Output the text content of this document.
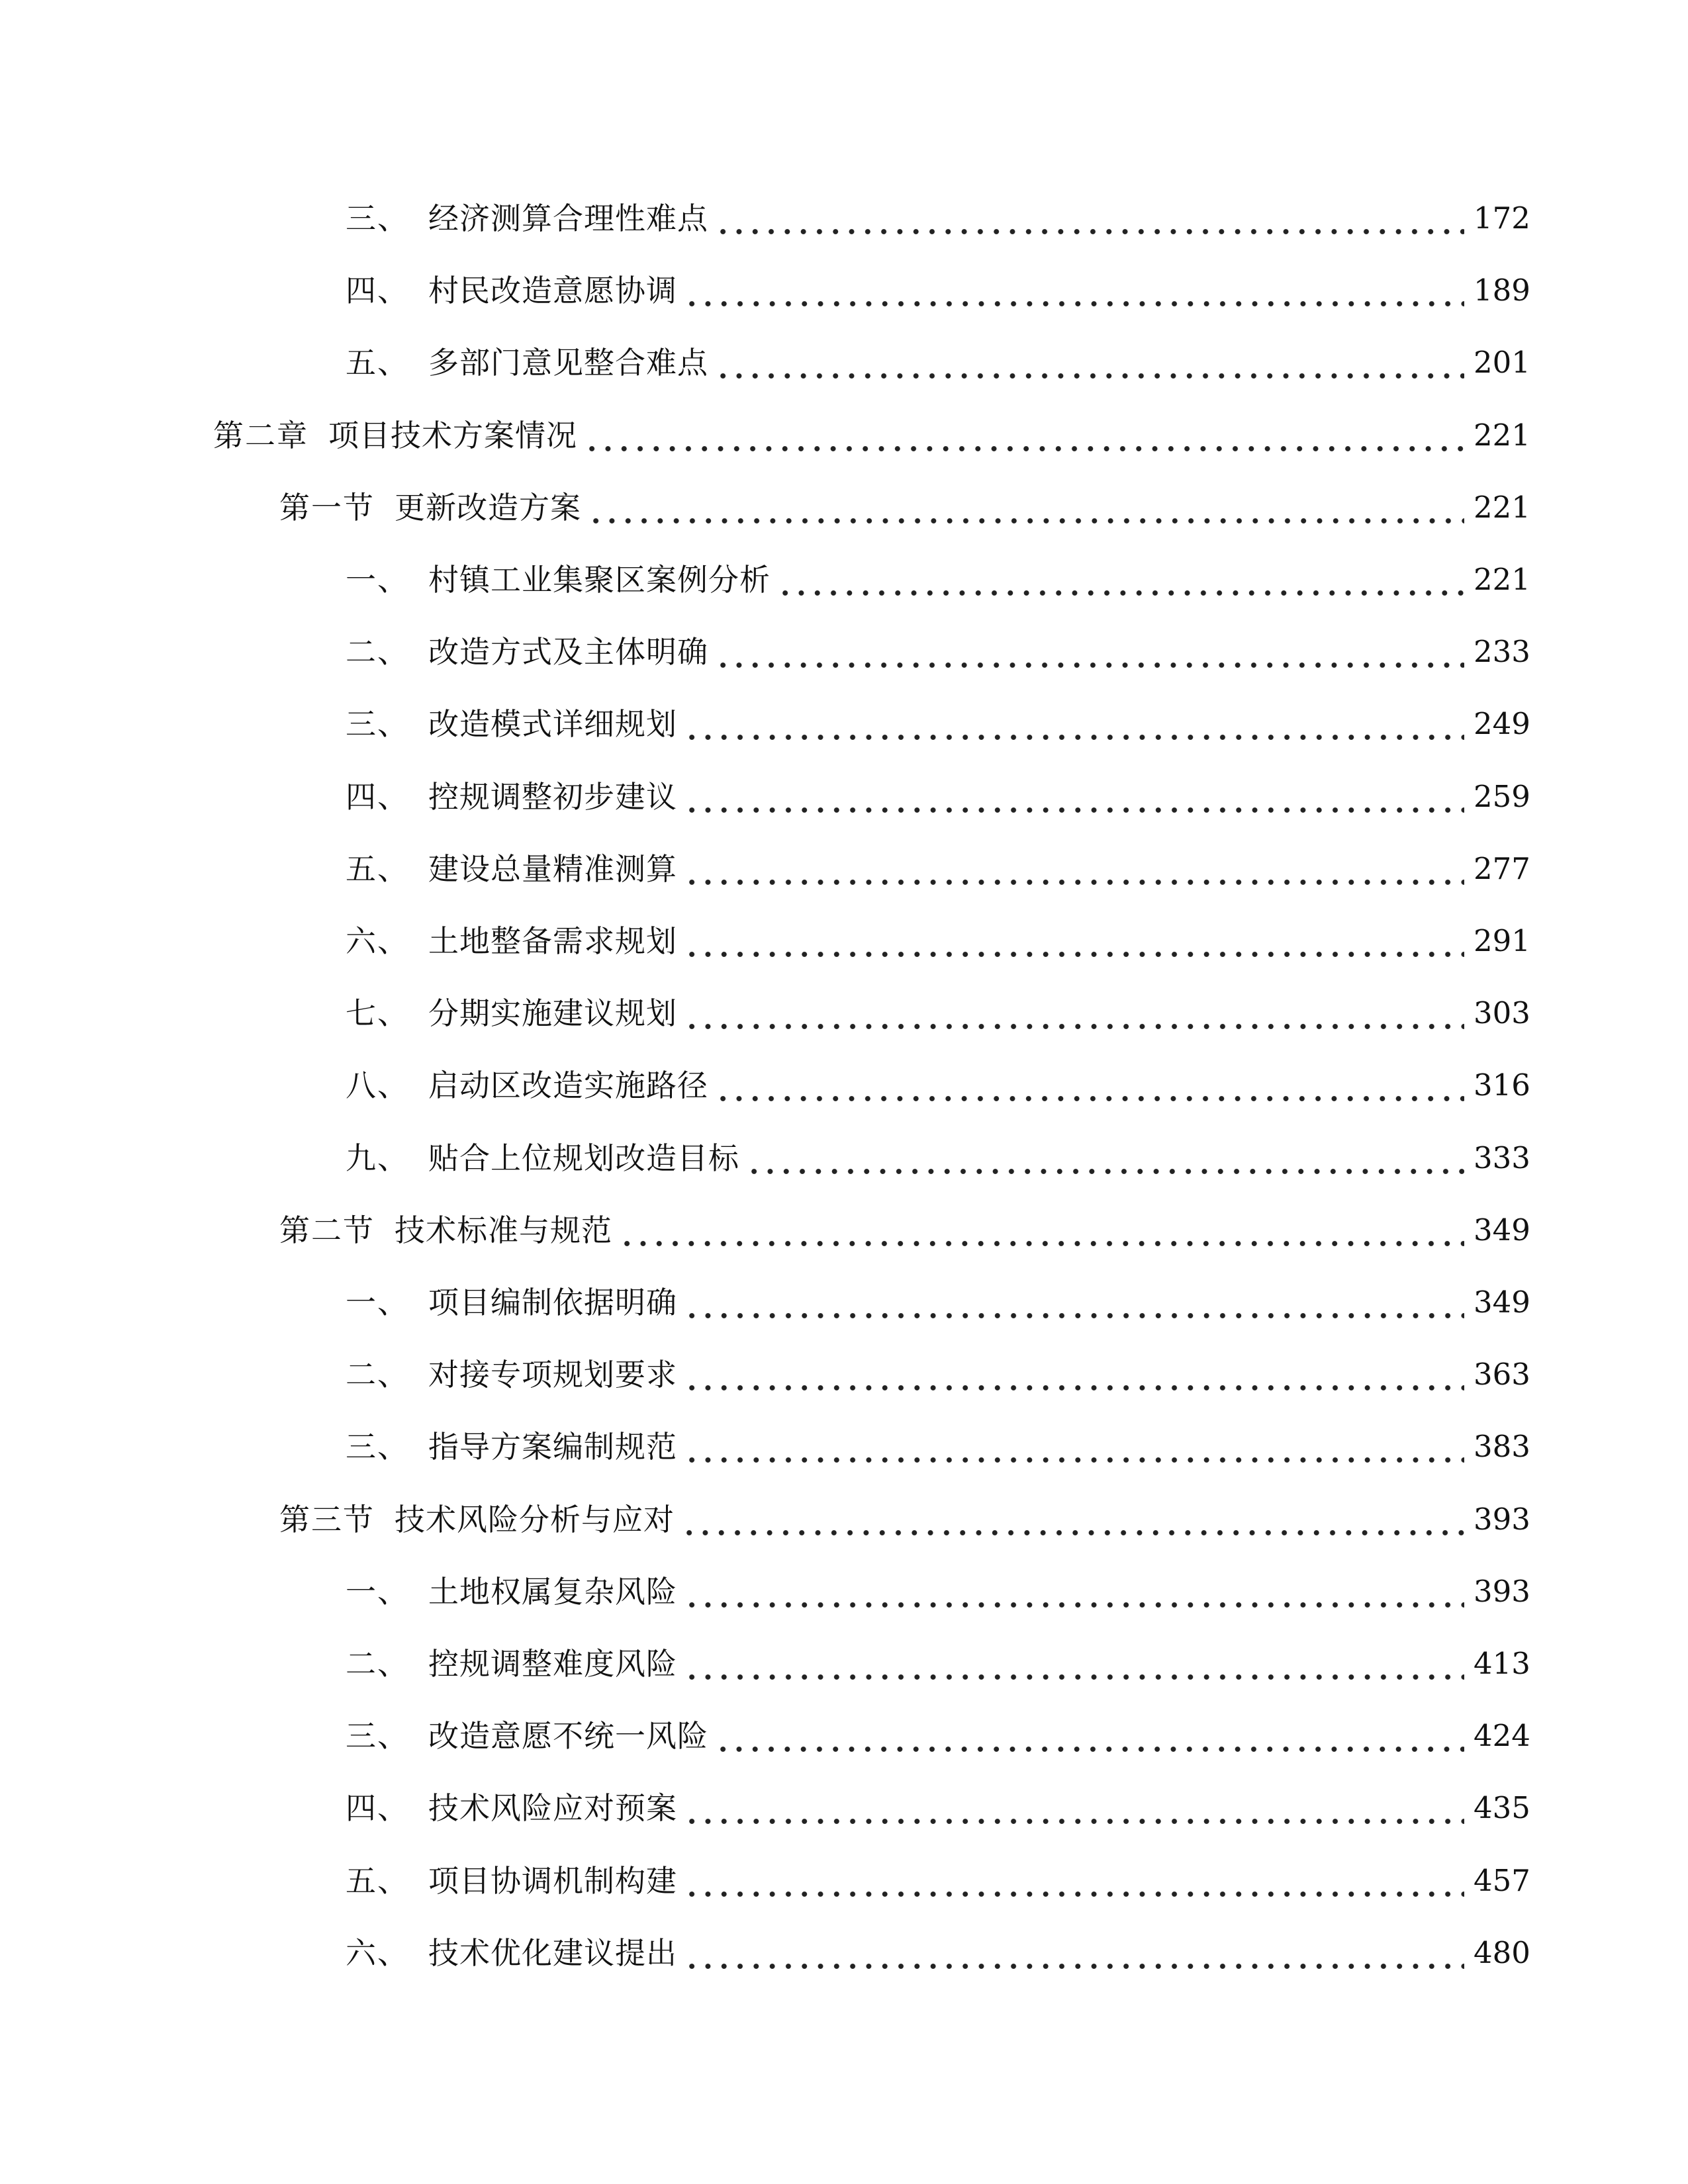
三、 经济测算合理性难点	172
四、 村民改造意愿协调	189
五、 多部门意见整合难点	201
第二章 项目技术方案情况	221
第一节 更新改造方案	221
一、 村镇工业集聚区案例分析	221
二、 改造方式及主体明确	233
三、 改造模式详细规划	249
四、 控规调整初步建议	259
五、 建设总量精准测算	277
六、 土地整备需求规划	291
七、 分期实施建议规划	303
八、 启动区改造实施路径	316
九、 贴合上位规划改造目标	333
第二节 技术标准与规范	349
一、 项目编制依据明确	349
二、 对接专项规划要求	363
三、 指导方案编制规范	383
第三节 技术风险分析与应对	393
一、 土地权属复杂风险	393
二、 控规调整难度风险	413
三、 改造意愿不统一风险	424
四、 技术风险应对预案	435
五、 项目协调机制构建	457
六、 技术优化建议提出	480
